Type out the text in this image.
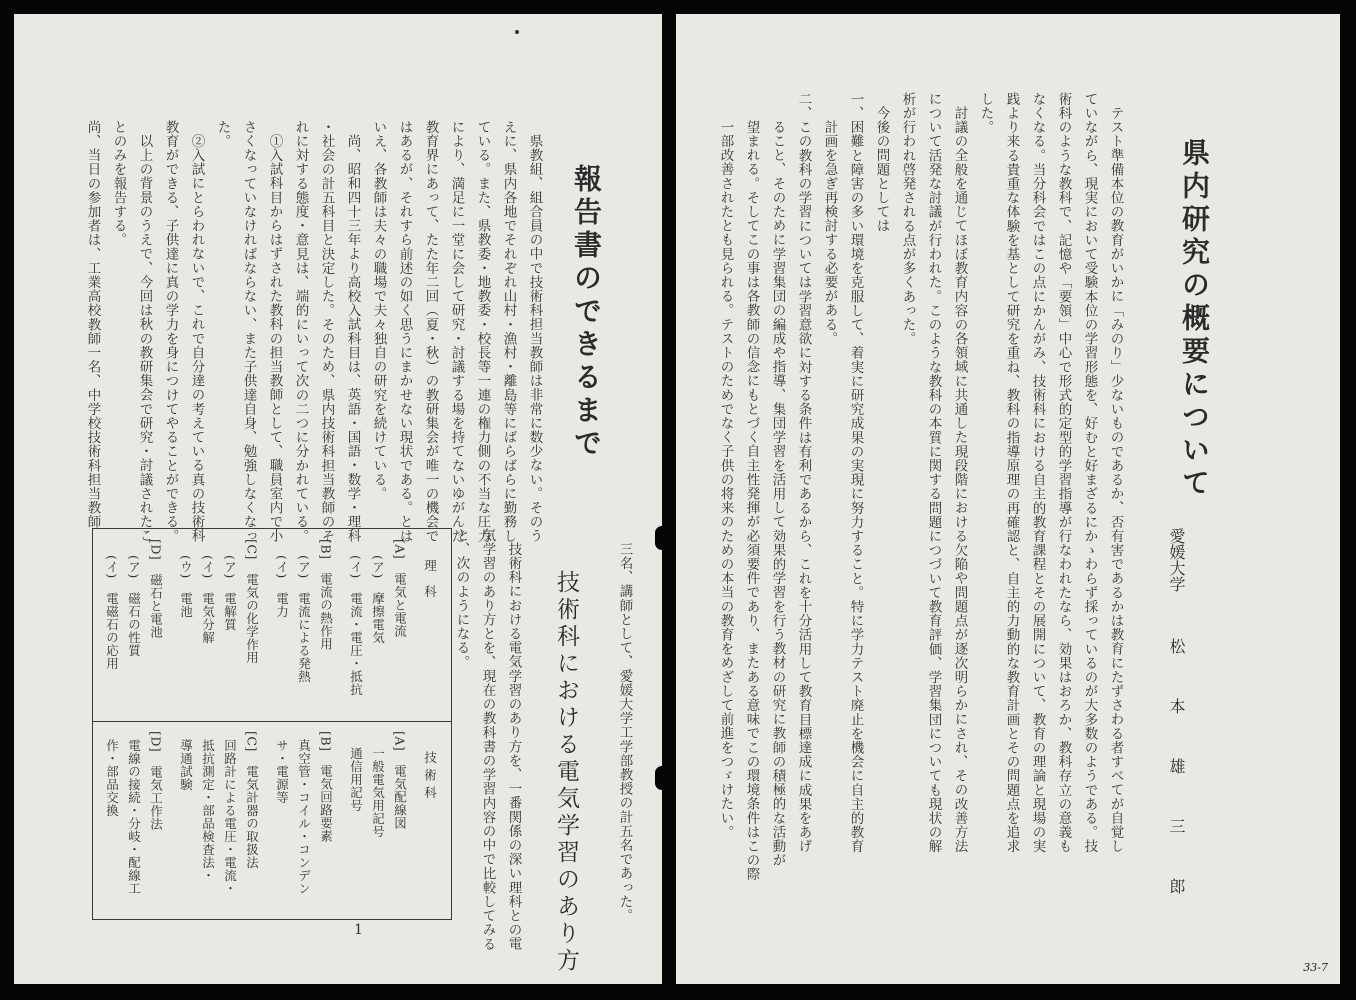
報告書のできるまで
県教組、組合員の中で技術科担当教師は非常に数少ない。そのう
えに、県内各地でそれぞれ山村・漁村・離島等にばらばらに勤務し
ている。また、県教委・地教委・校長等一連の権力側の不当な圧力
により、満足に一堂に会して研究・討議する場を持てないゆがんだ
教育界にあって、たた年二回（夏・秋）の教研集会が唯一の機会で
はあるが、それすら前述の如く思うにまかせない現状である。とは
いえ、各教師は夫々の職場で夫々独自の研究を続けている。
尚、昭和四十三年より高校入試科目は、英語・国語・数学・理科
・社会の計五科目と決定した。そのため、県内技術科担当教師のそ
れに対する態度・意見は、端的にいって次の二つに分かれている。
①入試科目からはずされた教科の担当教師として、職員室内で小
さくなっていなければならない、また子供達自身、勉強しなくなっ
た。
②入試にとらわれないで、これで自分達の考えている真の技術科
教育ができる、子供達に真の学力を身につけてやることができる。
以上の背景のうえで、今回は秋の教研集会で研究・討議されたこ
とのみを報告する。
尚、当日の参加者は、工業高校教師一名、中学校技術科担当教師
三名、講師として、愛媛大学工学部教授の計五名であった。
技術科における電気学習のあり方
技術科における電気学習のあり方を、一番関係の深い理科との電
気学習のあり方とを、現在の教科書の学習内容の中で比較してみる
と、次のようになる。
理　科
[A]　電気と電流
(ア)　摩擦電気
(イ)　電流・電圧・抵抗
[B]　電流の熱作用
(ア)　電流による発熱
(イ)　電力
[C]　電気の化学作用
(ア)　電解質
(イ)　電気分解
(ウ)　電池
[D]　磁石と電池
(ア)　磁石の性質
(イ)　電磁石の応用
技 術 科
[A]　電気配線図
一般電気用記号
通信用記号
[B]　電気回路要素
真空管・コイル・コンデン
サ・電源等
[C]　電気計器の取扱法
回路計による電圧・電流・
抵抗測定・部品検査法・
導通試験
[D]　電気工作法
電線の接続・分岐・配線工
作・部品交換
1
県内研究の概要について
愛媛大学
松　本　雄　三　郎
テスト準備本位の教育がいかに「みのり」少ないものであるか、否有害であるかは教育にたずさわる者すべてが自覚し
ていながら、現実において受験本位の学習形態を、好むと好まざるにかゝわらず採っているのが大多数のようである。技
術科のような教科で、記憶や「要領」中心で形式的定型的学習指導が行なわれたなら、効果はおろか、教科存立の意義も
なくなる。当分科会ではこの点にかんがみ、技術科における自主的教育課程とその展開について、教育の理論と現場の実
践より来る貴重な体験を基として研究を重ね、教科の指導原理の再確認と、自主的力動的な教育計画とその問題点を追求
した。
討議の全般を通じてほぼ教育内容の各領域に共通した現段階における欠陥や問題点が逐次明らかにされ、その改善方法
について活発な討議が行われた。このような教科の本質に関する問題につづいて教育評価、学習集団についても現状の解
析が行われ啓発される点が多くあった。
今後の問題としては
一、困難と障害の多い環境を克服して、着実に研究成果の実現に努力すること。特に学力テスト廃止を機会に自主的教育
計画を急ぎ再検討する必要がある。
二、この教科の学習については学習意欲に対する条件は有利であるから、これを十分活用して教育目標達成に成果をあげ
ること、そのために学習集団の編成や指導、集団学習を活用して効果的学習を行う教材の研究に教師の積極的な活動が
望まれる。そしてこの事は各教師の信念にもとづく自主性発揮が必須要件であり、またある意味でこの環境条件はこの際
一部改善されたとも見られる。テストのためでなく子供の将来のための本当の教育をめざして前進をつゞけたい。
33-7
